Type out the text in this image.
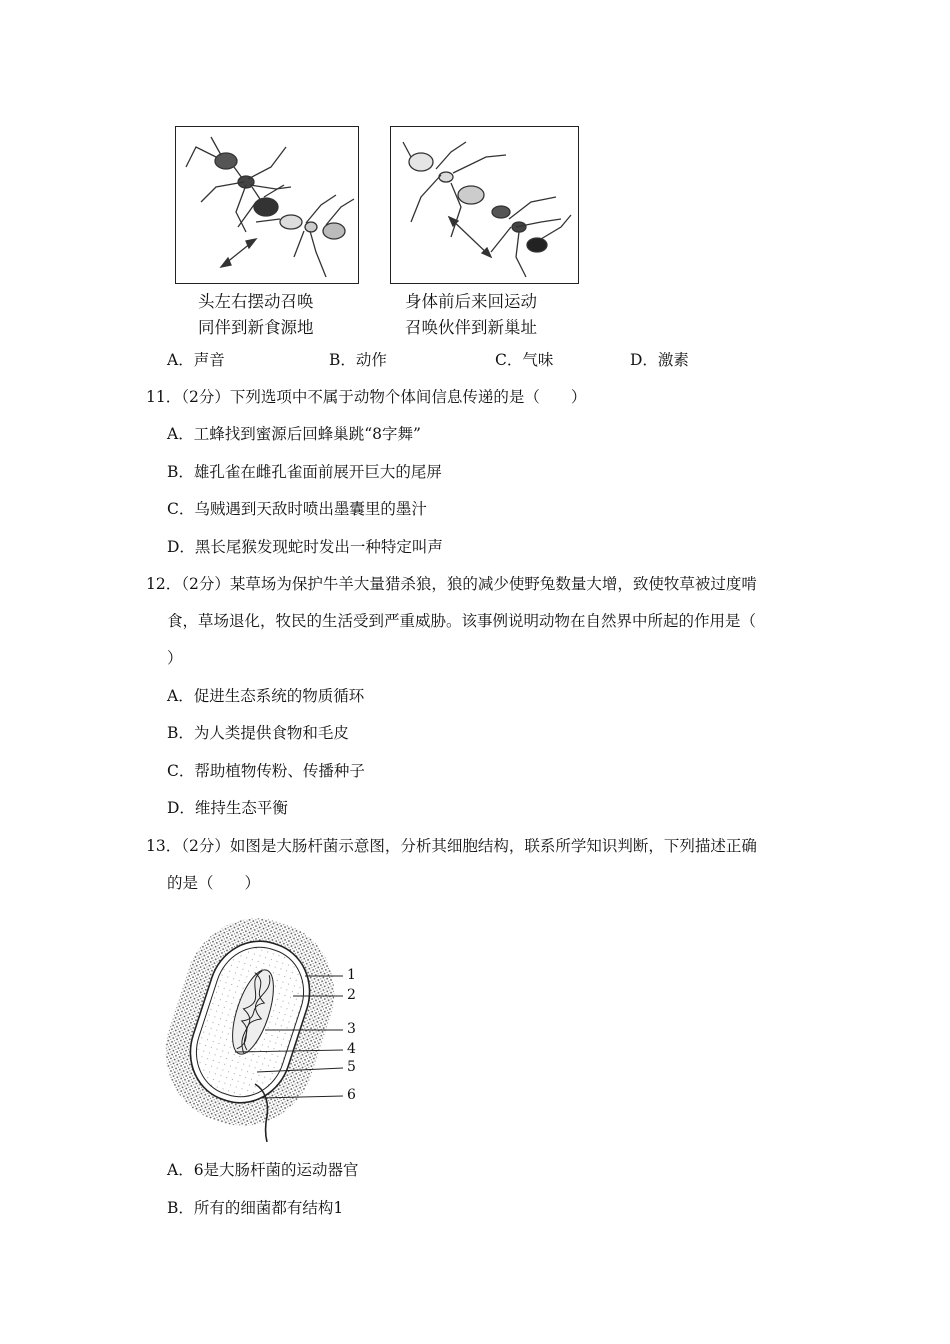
头左右摆动召唤
同伴到新食源地
身体前后来回运动
召唤伙伴到新巢址
A．声音	B．动作	C．气味	D．激素
11．（2分）下列选项中不属于动物个体间信息传递的是（　　）
A．工蜂找到蜜源后回蜂巢跳“8字舞”
B．雄孔雀在雌孔雀面前展开巨大的尾屏
C．乌贼遇到天敌时喷出墨囊里的墨汁
D．黑长尾猴发现蛇时发出一种特定叫声
12．（2分）某草场为保护牛羊大量猎杀狼，狼的减少使野兔数量大增，致使牧草被过度啃
食，草场退化，牧民的生活受到严重威胁。该事例说明动物在自然界中所起的作用是（
）
A．促进生态系统的物质循环
B．为人类提供食物和毛皮
C．帮助植物传粉、传播种子
D．维持生态平衡
13．（2分）如图是大肠杆菌示意图，分析其细胞结构，联系所学知识判断，下列描述正确
的是（　　）
1
2
3
4
5
6
A．6是大肠杆菌的运动器官
B．所有的细菌都有结构1
